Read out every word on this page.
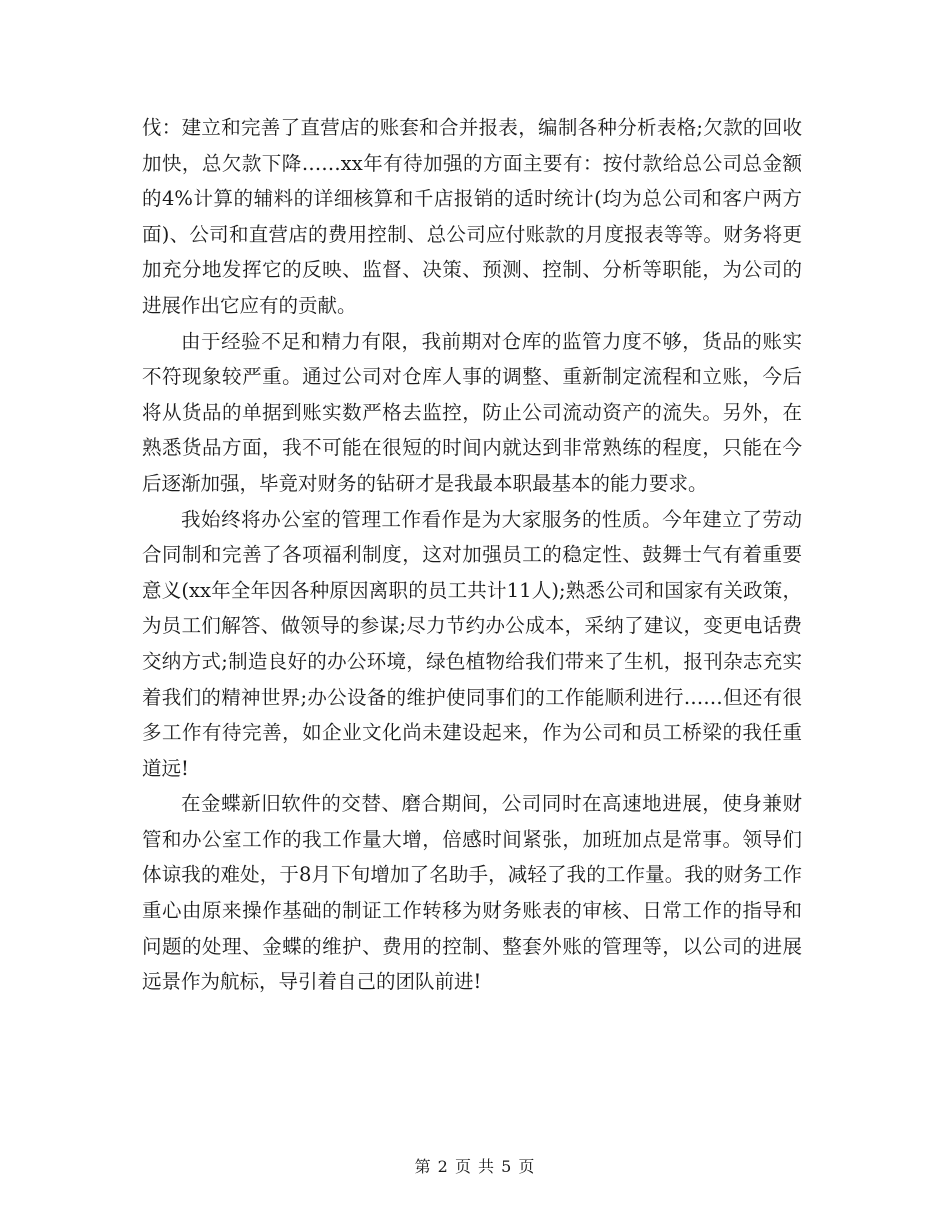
伐：建立和完善了直营店的账套和合并报表，编制各种分析表格;欠款的回收加快，总欠款下降……xx年有待加强的方面主要有：按付款给总公司总金额的4%计算的辅料的详细核算和千店报销的适时统计(均为总公司和客户两方面)、公司和直营店的费用控制、总公司应付账款的月度报表等等。财务将更加充分地发挥它的反映、监督、决策、预测、控制、分析等职能，为公司的进展作出它应有的贡献。

由于经验不足和精力有限，我前期对仓库的监管力度不够，货品的账实不符现象较严重。通过公司对仓库人事的调整、重新制定流程和立账，今后将从货品的单据到账实数严格去监控，防止公司流动资产的流失。另外，在熟悉货品方面，我不可能在很短的时间内就达到非常熟练的程度，只能在今后逐渐加强，毕竟对财务的钻研才是我最本职最基本的能力要求。

我始终将办公室的管理工作看作是为大家服务的性质。今年建立了劳动合同制和完善了各项福利制度，这对加强员工的稳定性、鼓舞士气有着重要意义(xx年全年因各种原因离职的员工共计11人);熟悉公司和国家有关政策，为员工们解答、做领导的参谋;尽力节约办公成本，采纳了建议，变更电话费交纳方式;制造良好的办公环境，绿色植物给我们带来了生机，报刊杂志充实着我们的精神世界;办公设备的维护使同事们的工作能顺利进行……但还有很多工作有待完善，如企业文化尚未建设起来，作为公司和员工桥梁的我任重道远!

在金蝶新旧软件的交替、磨合期间，公司同时在高速地进展，使身兼财管和办公室工作的我工作量大增，倍感时间紧张，加班加点是常事。领导们体谅我的难处，于8月下旬增加了名助手，减轻了我的工作量。我的财务工作重心由原来操作基础的制证工作转移为财务账表的审核、日常工作的指导和问题的处理、金蝶的维护、费用的控制、整套外账的管理等，以公司的进展远景作为航标，导引着自己的团队前进!

第 2 页 共 5 页
